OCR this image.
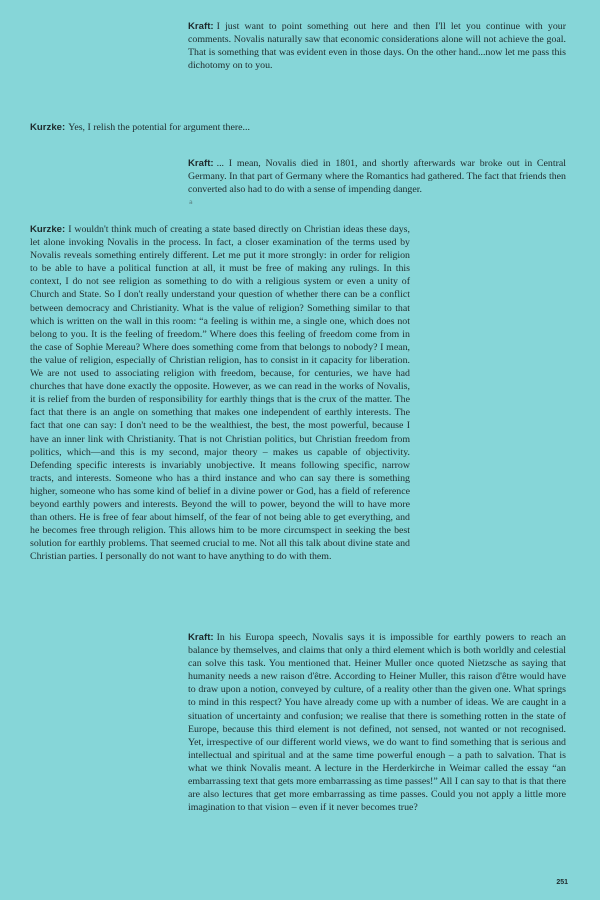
Kraft: I just want to point something out here and then I'll let you continue with your comments. Novalis naturally saw that economic considerations alone will not achieve the goal. That is something that was evident even in those days. On the other hand...now let me pass this dichotomy on to you.

Kurzke: Yes, I relish the potential for argument there...

Kraft: ... I mean, Novalis died in 1801, and shortly afterwards war broke out in Central Germany. In that part of Germany where the Romantics had gathered. The fact that friends then converted also had to do with a sense of impending danger.

a

Kurzke: I wouldn't think much of creating a state based directly on Christian ideas these days, let alone invoking Novalis in the process. In fact, a closer examination of the terms used by Novalis reveals something entirely different. Let me put it more strongly: in order for religion to be able to have a political function at all, it must be free of making any rulings. In this context, I do not see religion as something to do with a religious system or even a unity of Church and State. So I don't really understand your question of whether there can be a conflict between democracy and Christianity. What is the value of religion? Something similar to that which is written on the wall in this room: “a feeling is within me, a single one, which does not belong to you. It is the feeling of freedom.” Where does this feeling of freedom come from in the case of Sophie Mereau? Where does something come from that belongs to nobody? I mean, the value of religion, especially of Christian religion, has to consist in it capacity for liberation. We are not used to associating religion with freedom, because, for centuries, we have had churches that have done exactly the opposite. However, as we can read in the works of Novalis, it is relief from the burden of responsibility for earthly things that is the crux of the matter. The fact that there is an angle on something that makes one independent of earthly interests. The fact that one can say: I don't need to be the wealthiest, the best, the most powerful, because I have an inner link with Christianity. That is not Christian politics, but Christian freedom from politics, which—and this is my second, major theory – makes us capable of objectivity. Defending specific interests is invariably unobjective. It means following specific, narrow tracts, and interests. Someone who has a third instance and who can say there is something higher, someone who has some kind of belief in a divine power or God, has a field of reference beyond earthly powers and interests. Beyond the will to power, beyond the will to have more than others. He is free of fear about himself, of the fear of not being able to get everything, and he becomes free through religion. This allows him to be more circumspect in seeking the best solution for earthly problems. That seemed crucial to me. Not all this talk about divine state and Christian parties. I personally do not want to have anything to do with them.

Kraft: In his Europa speech, Novalis says it is impossible for earthly powers to reach an balance by themselves, and claims that only a third element which is both worldly and celestial can solve this task. You mentioned that. Heiner Muller once quoted Nietzsche as saying that humanity needs a new raison d'être. According to Heiner Muller, this raison d'être would have to draw upon a notion, conveyed by culture, of a reality other than the given one. What springs to mind in this respect? You have already come up with a number of ideas. We are caught in a situation of uncertainty and confusion; we realise that there is something rotten in the state of Europe, because this third element is not defined, not sensed, not wanted or not recognised. Yet, irrespective of our different world views, we do want to find something that is serious and intellectual and spiritual and at the same time powerful enough – a path to salvation. That is what we think Novalis meant. A lecture in the Herderkirche in Weimar called the essay “an embarrassing text that gets more embarrassing as time passes!” All I can say to that is that there are also lectures that get more embarrassing as time passes. Could you not apply a little more imagination to that vision – even if it never becomes true?

251
